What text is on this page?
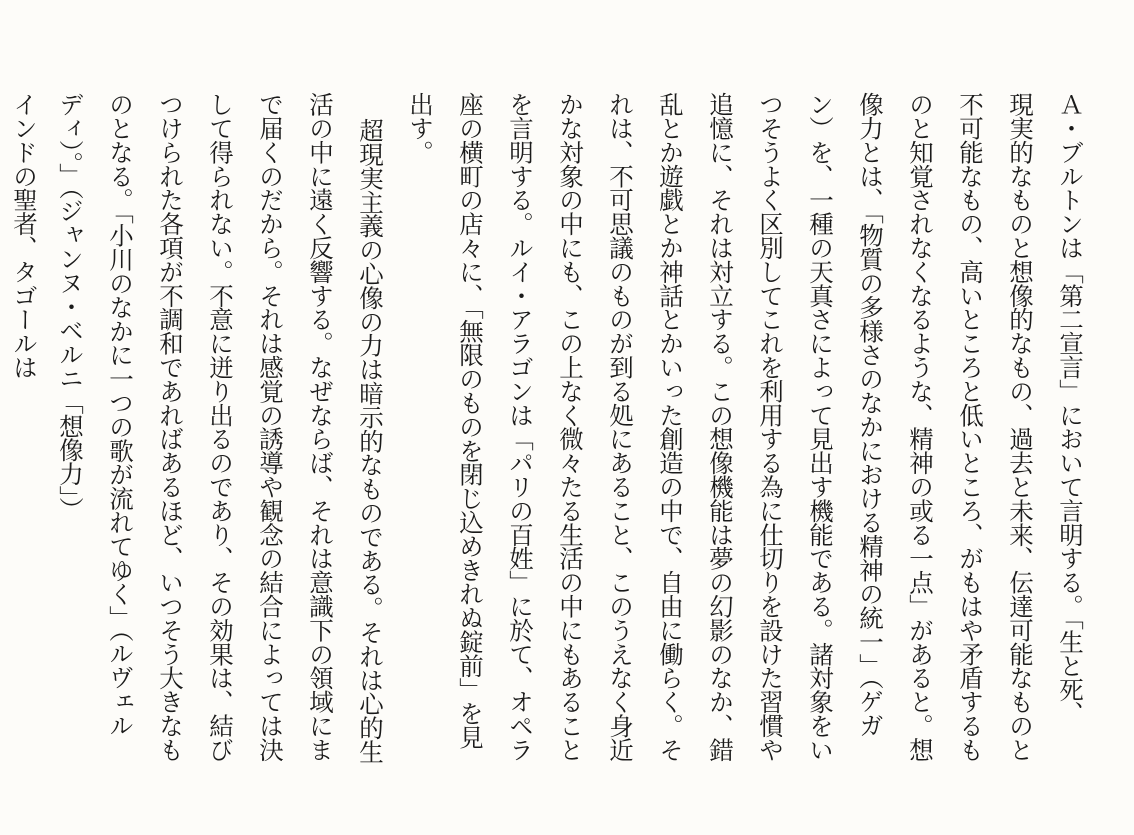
Ａ・ブルトンは「第二宣言」において言明する。「生と死、
現実的なものと想像的なもの、過去と未来、伝達可能なものと
不可能なもの、高いところと低いところ、がもはや矛盾するも
のと知覚されなくなるような、精神の或る一点」があると。想
像力とは、「物質の多様さのなかにおける精神の統一」（ゲガ
ン）を、一種の天真さによって見出す機能である。諸対象をい
つそうよく区別してこれを利用する為に仕切りを設けた習慣や
追憶に、それは対立する。この想像機能は夢の幻影のなか、錯
乱とか遊戯とか神話とかいった創造の中で、自由に働らく。そ
れは、不可思議のものが到る処にあること、このうえなく身近
かな対象の中にも、この上なく微々たる生活の中にもあること
を言明する。ルイ・アラゴンは「パリの百姓」に於て、オペラ
座の横町の店々に、「無限のものを閉じ込めきれぬ錠前」を見
出す。
超現実主義の心像の力は暗示的なものである。それは心的生
活の中に遠く反響する。なぜならば、それは意識下の領域にま
で届くのだから。それは感覚の誘導や観念の結合によっては決
して得られない。不意に迸り出るのであり、その効果は、結び
つけられた各項が不調和であればあるほど、いつそう大きなも
のとなる。「小川のなかに一つの歌が流れてゆく」（ルヴェル
ディ）。」（ジャンヌ・ベルニ「想像力」）
インドの聖者、タゴールは
